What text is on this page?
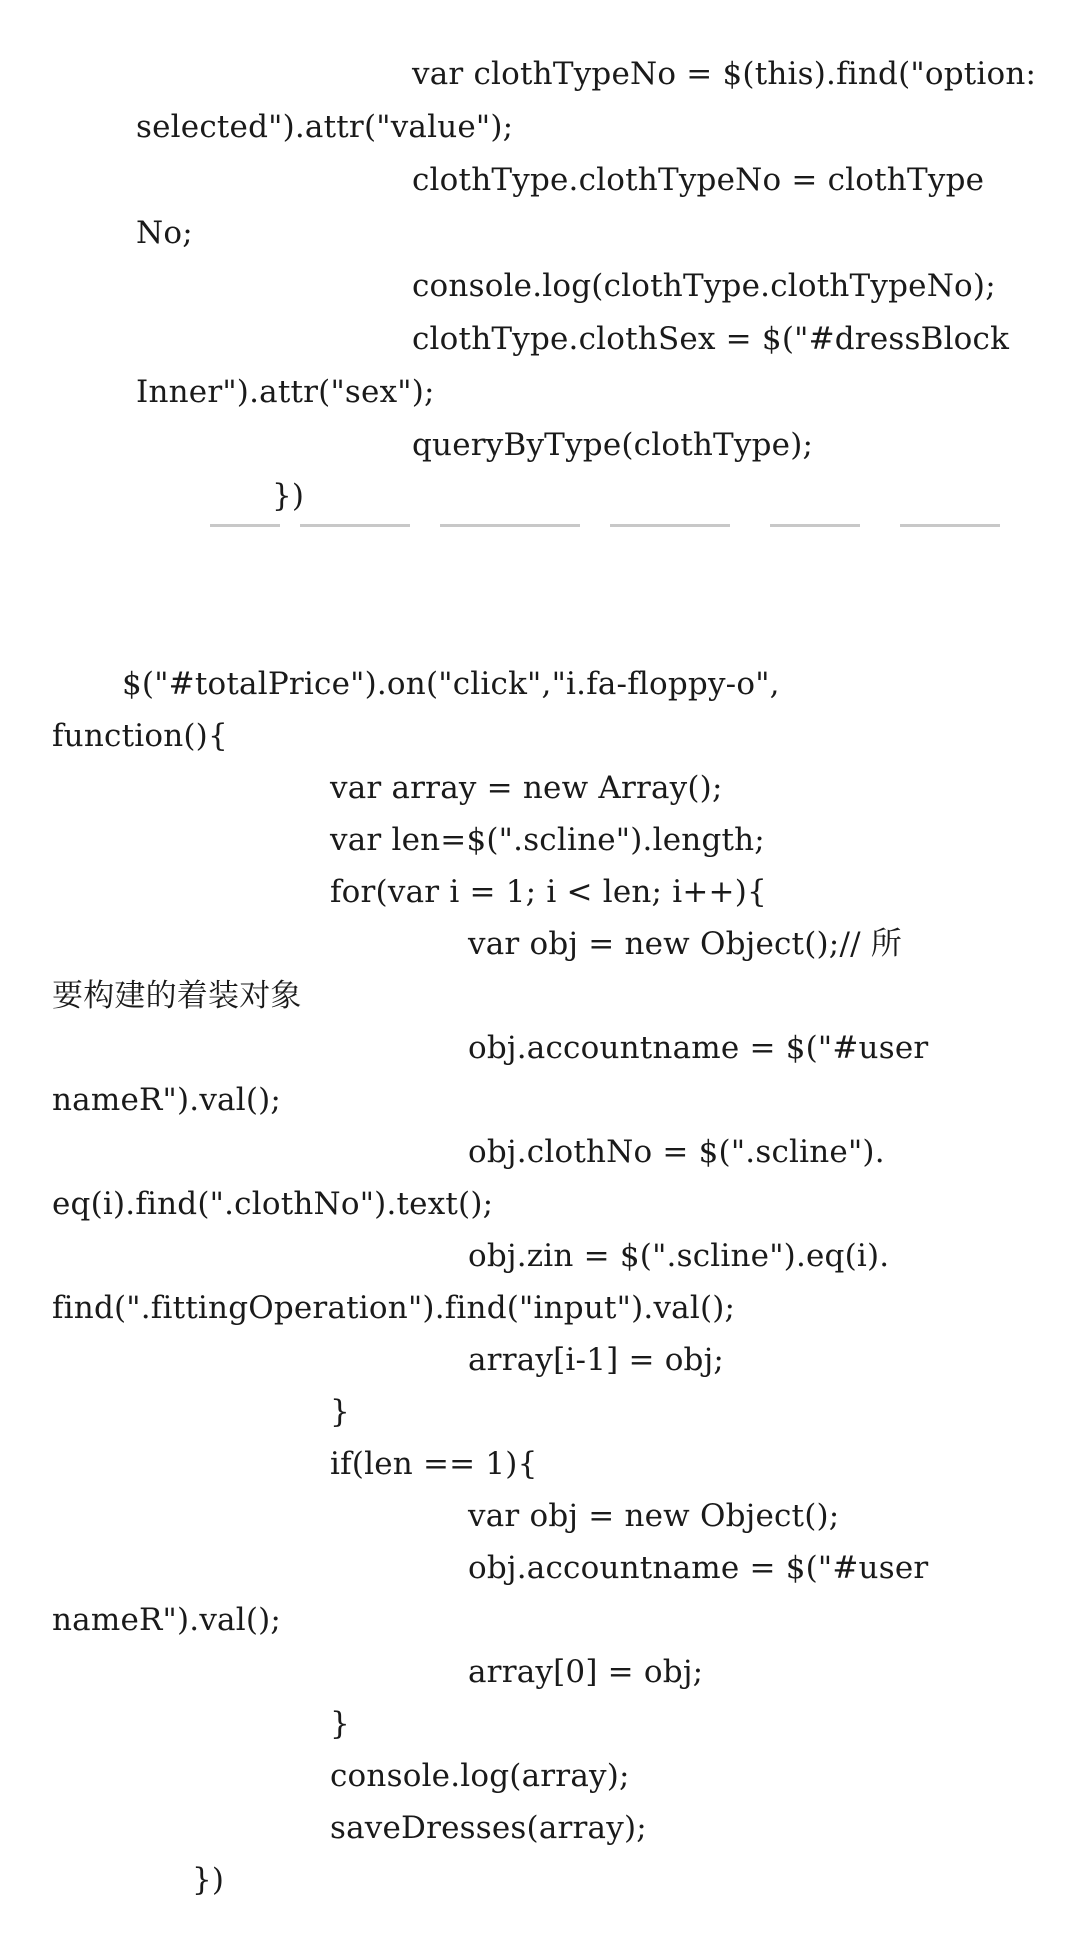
var clothTypeNo = $(this).find("option:
selected").attr("value");
clothType.clothTypeNo = clothType
No;
console.log(clothType.clothTypeNo);
clothType.clothSex = $("#dressBlock
Inner").attr("sex");
queryByType(clothType);
})
$("#totalPrice").on("click","i.fa-floppy-o",
function(){
var array = new Array();
var len=$(".scline").length;
for(var i = 1; i < len; i++){
var obj = new Object();// 所
要构建的着装对象
obj.accountname = $("#user
nameR").val();
obj.clothNo = $(".scline").
eq(i).find(".clothNo").text();
obj.zin = $(".scline").eq(i).
find(".fittingOperation").find("input").val();
array[i-1] = obj;
}
if(len == 1){
var obj = new Object();
obj.accountname = $("#user
nameR").val();
array[0] = obj;
}
console.log(array);
saveDresses(array);
})
